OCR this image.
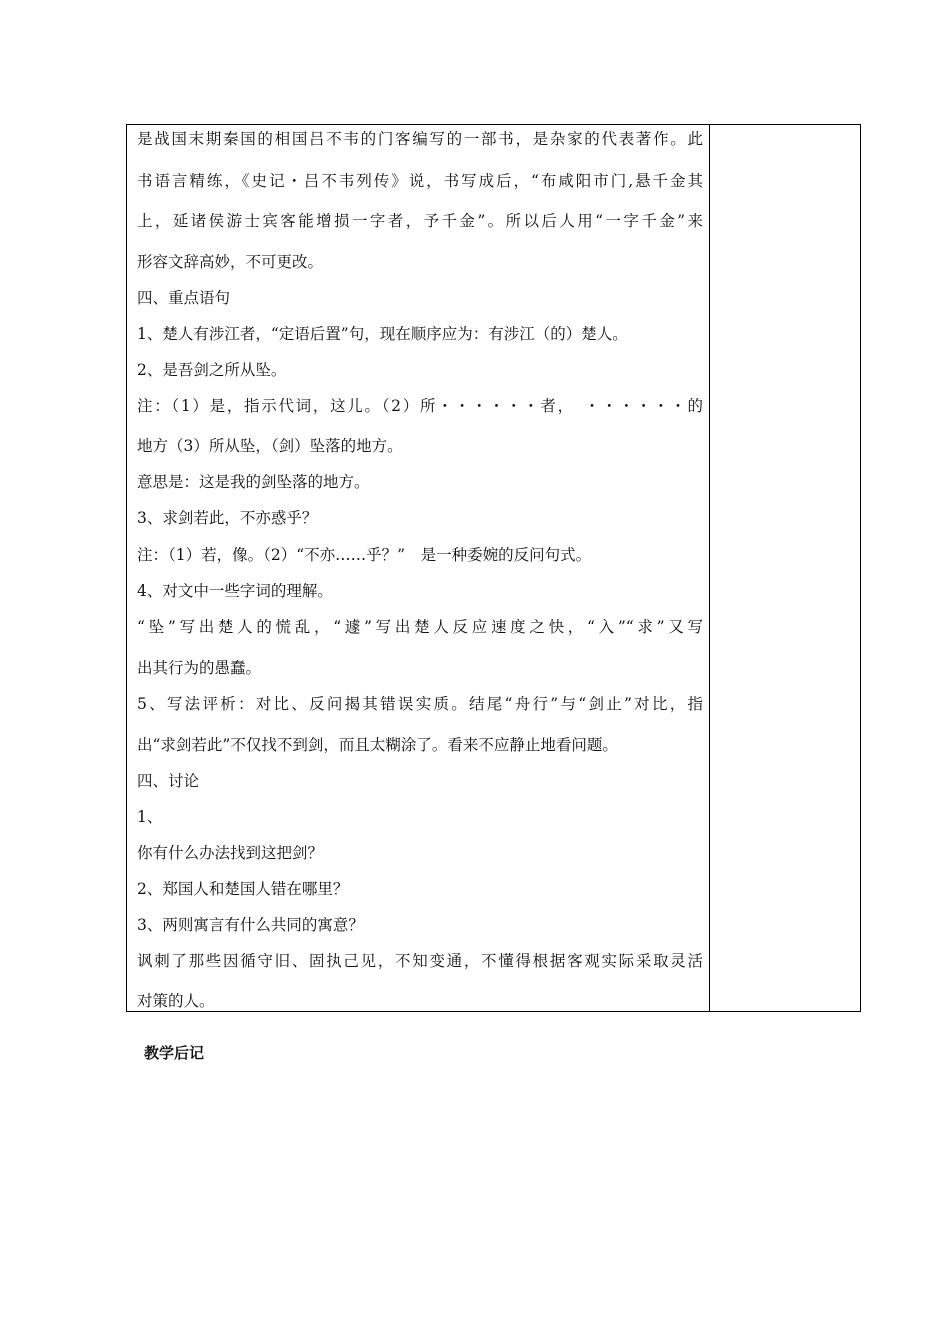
是战国末期秦国的相国吕不韦的门客编写的一部书，是杂家的代表著作。此
书语言精练，《史记・吕不韦列传》说，书写成后，“布咸阳市门,悬千金其
上，延诸侯游士宾客能增损一字者，予千金”。所以后人用“一字千金”来
形容文辞高妙，不可更改。
四、重点语句
1、楚人有涉江者，“定语后置”句，现在顺序应为：有涉江（的）楚人。
2、是吾剑之所从坠。
注：（1）是，指示代词，这儿。（2）所・・・・・・者，　・・・・・・的
地方（3）所从坠，（剑）坠落的地方。
意思是：这是我的剑坠落的地方。
3、求剑若此，不亦惑乎？
注：（1）若，像。（2）“不亦……乎？”　是一种委婉的反问句式。
4、对文中一些字词的理解。
“坠”写出楚人的慌乱，“遽”写出楚人反应速度之快，“入”“求”又写
出其行为的愚蠢。
5、写法评析：对比、反问揭其错误实质。结尾“舟行”与“剑止”对比，指
出“求剑若此”不仅找不到剑，而且太糊涂了。看来不应静止地看问题。
四、讨论
1、
你有什么办法找到这把剑？
2、郑国人和楚国人错在哪里？
3、两则寓言有什么共同的寓意？
讽刺了那些因循守旧、固执己见，不知变通，不懂得根据客观实际采取灵活
对策的人。
教学后记
